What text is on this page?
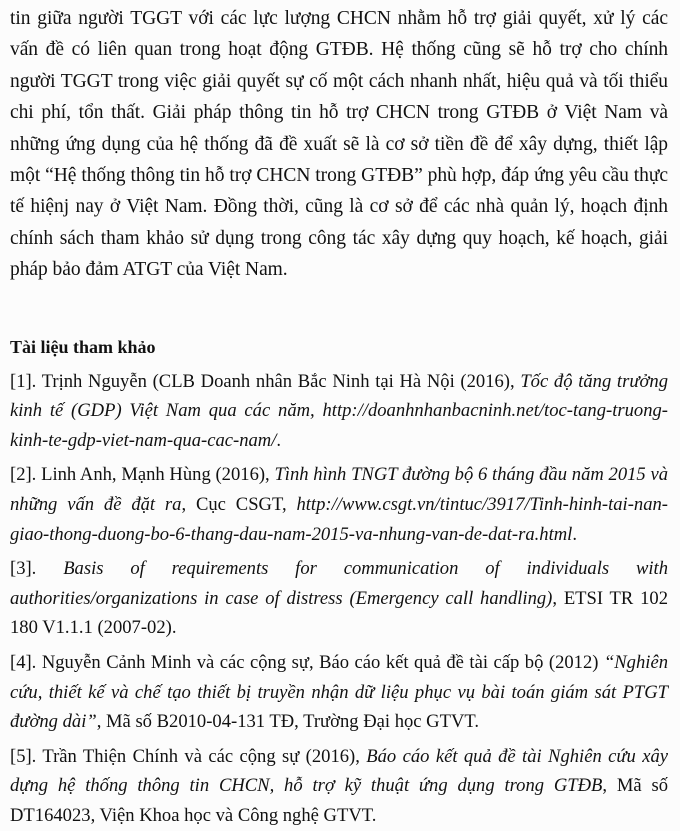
tin giữa người TGGT với các lực lượng CHCN nhằm hỗ trợ giải quyết, xử lý các vấn đề có liên quan trong hoạt động GTĐB. Hệ thống cũng sẽ hỗ trợ cho chính người TGGT trong việc giải quyết sự cố một cách nhanh nhất, hiệu quả và tối thiểu chi phí, tổn thất. Giải pháp thông tin hỗ trợ CHCN trong GTĐB ở Việt Nam và những ứng dụng của hệ thống đã đề xuất sẽ là cơ sở tiền đề để xây dựng, thiết lập một “Hệ thống thông tin hỗ trợ CHCN trong GTĐB” phù hợp, đáp ứng yêu cầu thực tế hiệnj nay ở Việt Nam. Đồng thời, cũng là cơ sở để các nhà quản lý, hoạch định chính sách tham khảo sử dụng trong công tác xây dựng quy hoạch, kế hoạch, giải pháp bảo đảm ATGT của Việt Nam.

Tài liệu tham khảo
[1]. Trịnh Nguyễn (CLB Doanh nhân Bắc Ninh tại Hà Nội (2016), Tốc độ tăng trưởng kinh tế (GDP) Việt Nam qua các năm, http://doanhnhanbacninh.net/toc-tang-truong-kinh-te-gdp-viet-nam-qua-cac-nam/.
[2]. Linh Anh, Mạnh Hùng (2016), Tình hình TNGT đường bộ 6 tháng đầu năm 2015 và những vấn đề đặt ra, Cục CSGT, http://www.csgt.vn/tintuc/3917/Tinh-hinh-tai-nan-giao-thong-duong-bo-6-thang-dau-nam-2015-va-nhung-van-de-dat-ra.html.
[3]. Basis of requirements for communication of individuals with authorities/organizations in case of distress (Emergency call handling), ETSI TR 102 180 V1.1.1 (2007-02).
[4]. Nguyễn Cảnh Minh và các cộng sự, Báo cáo kết quả đề tài cấp bộ (2012) “Nghiên cứu, thiết kế và chế tạo thiết bị truyền nhận dữ liệu phục vụ bài toán giám sát PTGT đường dài”, Mã số B2010-04-131 TĐ, Trường Đại học GTVT.
[5]. Trần Thiện Chính và các cộng sự (2016), Báo cáo kết quả đề tài Nghiên cứu xây dựng hệ thống thông tin CHCN, hỗ trợ kỹ thuật ứng dụng trong GTĐB, Mã số DT164023, Viện Khoa học và Công nghệ GTVT.
